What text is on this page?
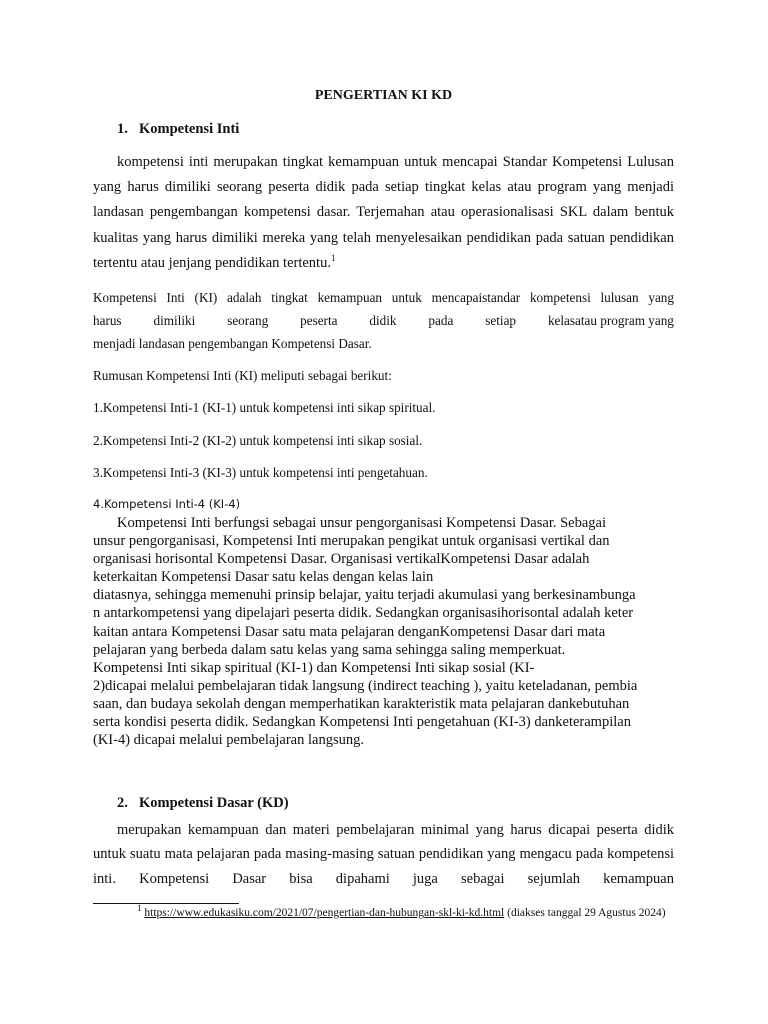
PENGERTIAN KI KD

1. Kompetensi Inti

kompetensi inti merupakan tingkat kemampuan untuk mencapai Standar Kompetensi Lulusan yang harus dimiliki seorang peserta didik pada setiap tingkat kelas atau program yang menjadi landasan pengembangan kompetensi dasar. Terjemahan atau operasionalisasi SKL dalam bentuk kualitas yang harus dimiliki mereka yang telah menyelesaikan pendidikan pada satuan pendidikan tertentu atau jenjang pendidikan tertentu.$^1$

Kompetensi Inti (KI) adalah tingkat kemampuan untuk mencapaistandar kompetensi lulusan yang
harus dimiliki seorang peserta didik pada setiap kelasatau program yang
menjadi landasan pengembangan Kompetensi Dasar.

Rumusan Kompetensi Inti (KI) meliputi sebagai berikut:

1.Kompetensi Inti-1 (KI-1) untuk kompetensi inti sikap spiritual.

2.Kompetensi Inti-2 (KI-2) untuk kompetensi inti sikap sosial.

3.Kompetensi Inti-3 (KI-3) untuk kompetensi inti pengetahuan.

4.Kompetensi Inti-4 (KI-4)

Kompetensi Inti berfungsi sebagai unsur pengorganisasi Kompetensi Dasar. Sebagai
unsur pengorganisasi, Kompetensi Inti merupakan pengikat untuk organisasi vertikal dan
organisasi horisontal Kompetensi Dasar. Organisasi vertikalKompetensi Dasar adalah
keterkaitan Kompetensi Dasar satu kelas dengan kelas lain
diatasnya, sehingga memenuhi prinsip belajar, yaitu terjadi akumulasi yang berkesinambunga
n antarkompetensi yang dipelajari peserta didik. Sedangkan organisasihorisontal adalah keter
kaitan antara Kompetensi Dasar satu mata pelajaran denganKompetensi Dasar dari mata
pelajaran yang berbeda dalam satu kelas yang sama sehingga saling memperkuat.
Kompetensi Inti sikap spiritual (KI-1) dan Kompetensi Inti sikap sosial (KI-
2)dicapai melalui pembelajaran tidak langsung (indirect teaching ), yaitu keteladanan, pembia
saan, dan budaya sekolah dengan memperhatikan karakteristik mata pelajaran dankebutuhan
serta kondisi peserta didik. Sedangkan Kompetensi Inti pengetahuan (KI-3) danketerampilan
(KI-4) dicapai melalui pembelajaran langsung.

2. Kompetensi Dasar (KD)

merupakan kemampuan dan materi pembelajaran minimal yang harus dicapai peserta didik untuk suatu mata pelajaran pada masing-masing satuan pendidikan yang mengacu pada kompetensi inti. Kompetensi Dasar bisa dipahami juga sebagai sejumlah kemampuan

$^1$ https://www.edukasiku.com/2021/07/pengertian-dan-hubungan-skl-ki-kd.html (diakses tanggal 29 Agustus 2024)
